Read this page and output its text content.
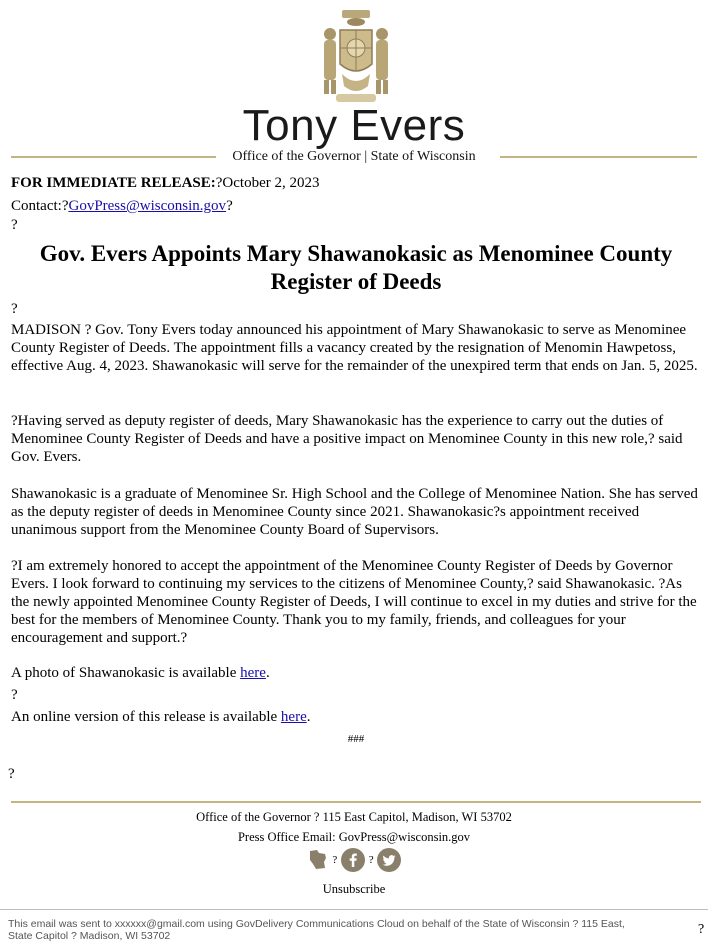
Tony Evers
Office of the Governor | State of Wisconsin

FOR IMMEDIATE RELEASE:?October 2, 2023

Contact:?GovPress@wisconsin.gov?

?

Gov. Evers Appoints Mary Shawanokasic as Menominee County Register of Deeds
?

MADISON ? Gov. Tony Evers today announced his appointment of Mary Shawanokasic to serve as Menominee County Register of Deeds. The appointment fills a vacancy created by the resignation of Menomin Hawpetoss, effective Aug. 4, 2023. Shawanokasic will serve for the remainder of the unexpired term that ends on Jan. 5, 2025.

?Having served as deputy register of deeds, Mary Shawanokasic has the experience to carry out the duties of Menominee County Register of Deeds and have a positive impact on Menominee County in this new role,? said Gov. Evers.

Shawanokasic is a graduate of Menominee Sr. High School and the College of Menominee Nation. She has served as the deputy register of deeds in Menominee County since 2021. Shawanokasic?s appointment received unanimous support from the Menominee County Board of Supervisors.

?I am extremely honored to accept the appointment of the Menominee County Register of Deeds by Governor Evers. I look forward to continuing my services to the citizens of Menominee County,? said Shawanokasic. ?As the newly appointed Menominee County Register of Deeds, I will continue to excel in my duties and strive for the best for the members of Menominee County. Thank you to my family, friends, and colleagues for your encouragement and support.?

A photo of Shawanokasic is available here.
?
An online version of this release is available here.
###
?
Office of the Governor ? 115 East Capitol, Madison, WI 53702
Press Office Email: GovPress@wisconsin.gov
?	?
Unsubscribe
This email was sent to xxxxxx@gmail.com using GovDelivery Communications Cloud on behalf of the State of Wisconsin ? 115 East, State Capitol ? Madison, WI 53702	?
